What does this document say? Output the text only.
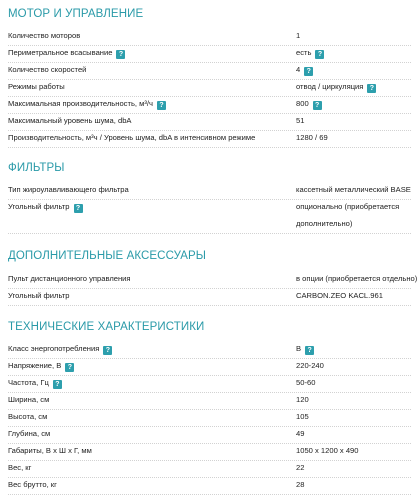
МОТОР И УПРАВЛЕНИЕ
Количество моторов	1
Периметральное всасывание ?	есть ?
Количество скоростей	4 ?
Режимы работы	отвод / циркуляция ?
Максимальная производительность, м³/ч ?	800 ?
Максимальный уровень шума, dbA	51
Производительность, м³ч / Уровень шума, dbA в интенсивном режиме	1280 / 69
ФИЛЬТРЫ
Тип жироулавливающего фильтра	кассетный металлический BASE
Угольный фильтр ?	опционально (приобретается
дополнительно)
ДОПОЛНИТЕЛЬНЫЕ АКСЕССУАРЫ
Пульт дистанционного управления	в опции (приобретается отдельно)
Угольный фильтр	CARBON.ZEO KACL.961
ТЕХНИЧЕСКИЕ ХАРАКТЕРИСТИКИ
Класс энергопотребления ?	B ?
Напряжение, В ?	220-240
Частота, Гц ?	50-60
Ширина, см	120
Высота, см	105
Глубина, см	49
Габариты, В х Ш х Г, мм	1050 x 1200 x 490
Вес, кг	22
Вес брутто, кг	28
